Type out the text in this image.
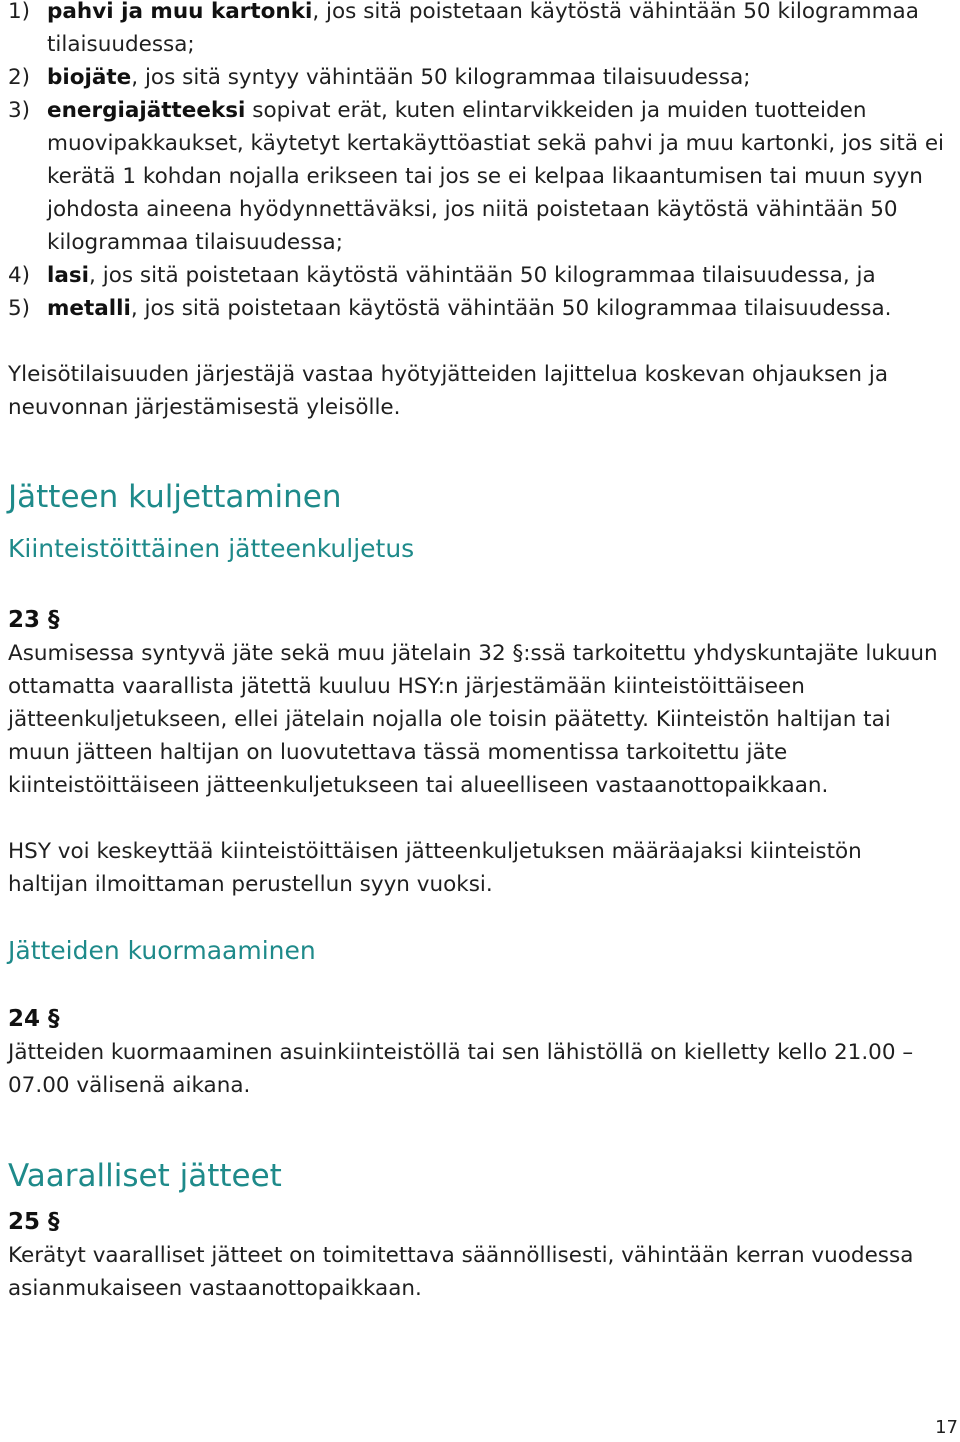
1) pahvi ja muu kartonki, jos sitä poistetaan käytöstä vähintään 50 kilogrammaa tilaisuudessa;
2) biojäte, jos sitä syntyy vähintään 50 kilogrammaa tilaisuudessa;
3) energiajätteeksi sopivat erät, kuten elintarvikkeiden ja muiden tuotteiden muovipakkaukset, käytetyt kertakäyttöastiat sekä pahvi ja muu kartonki, jos sitä ei kerätä 1 kohdan nojalla erikseen tai jos se ei kelpaa likaantumisen tai muun syyn johdosta aineena hyödynnettäväksi, jos niitä poistetaan käytöstä vähintään 50 kilogrammaa tilaisuudessa;
4) lasi, jos sitä poistetaan käytöstä vähintään 50 kilogrammaa tilaisuudessa, ja
5) metalli, jos sitä poistetaan käytöstä vähintään 50 kilogrammaa tilaisuudessa.

Yleisötilaisuuden järjestäjä vastaa hyötyjätteiden lajittelua koskevan ohjauksen ja neuvonnan järjestämisestä yleisölle.

Jätteen kuljettaminen
Kiinteistöittäinen jätteenkuljetus

23 §

Asumisessa syntyvä jäte sekä muu jätelain 32 §:ssä tarkoitettu yhdyskuntajäte lukuun ottamatta vaarallista jätettä kuuluu HSY:n järjestämään kiinteistöittäiseen jätteenkuljetukseen, ellei jätelain nojalla ole toisin päätetty. Kiinteistön haltijan tai muun jätteen haltijan on luovutettava tässä momentissa tarkoitettu jäte kiinteistöittäiseen jätteenkuljetukseen tai alueelliseen vastaanottopaikkaan.

HSY voi keskeyttää kiinteistöittäisen jätteenkuljetuksen määräajaksi kiinteistön haltijan ilmoittaman perustellun syyn vuoksi.

Jätteiden kuormaaminen

24 §

Jätteiden kuormaaminen asuinkiinteistöllä tai sen lähistöllä on kielletty kello 21.00 – 07.00 välisenä aikana.

Vaaralliset jätteet

25 §

Kerätyt vaaralliset jätteet on toimitettava säännöllisesti, vähintään kerran vuodessa asianmukaiseen vastaanottopaikkaan.

17
